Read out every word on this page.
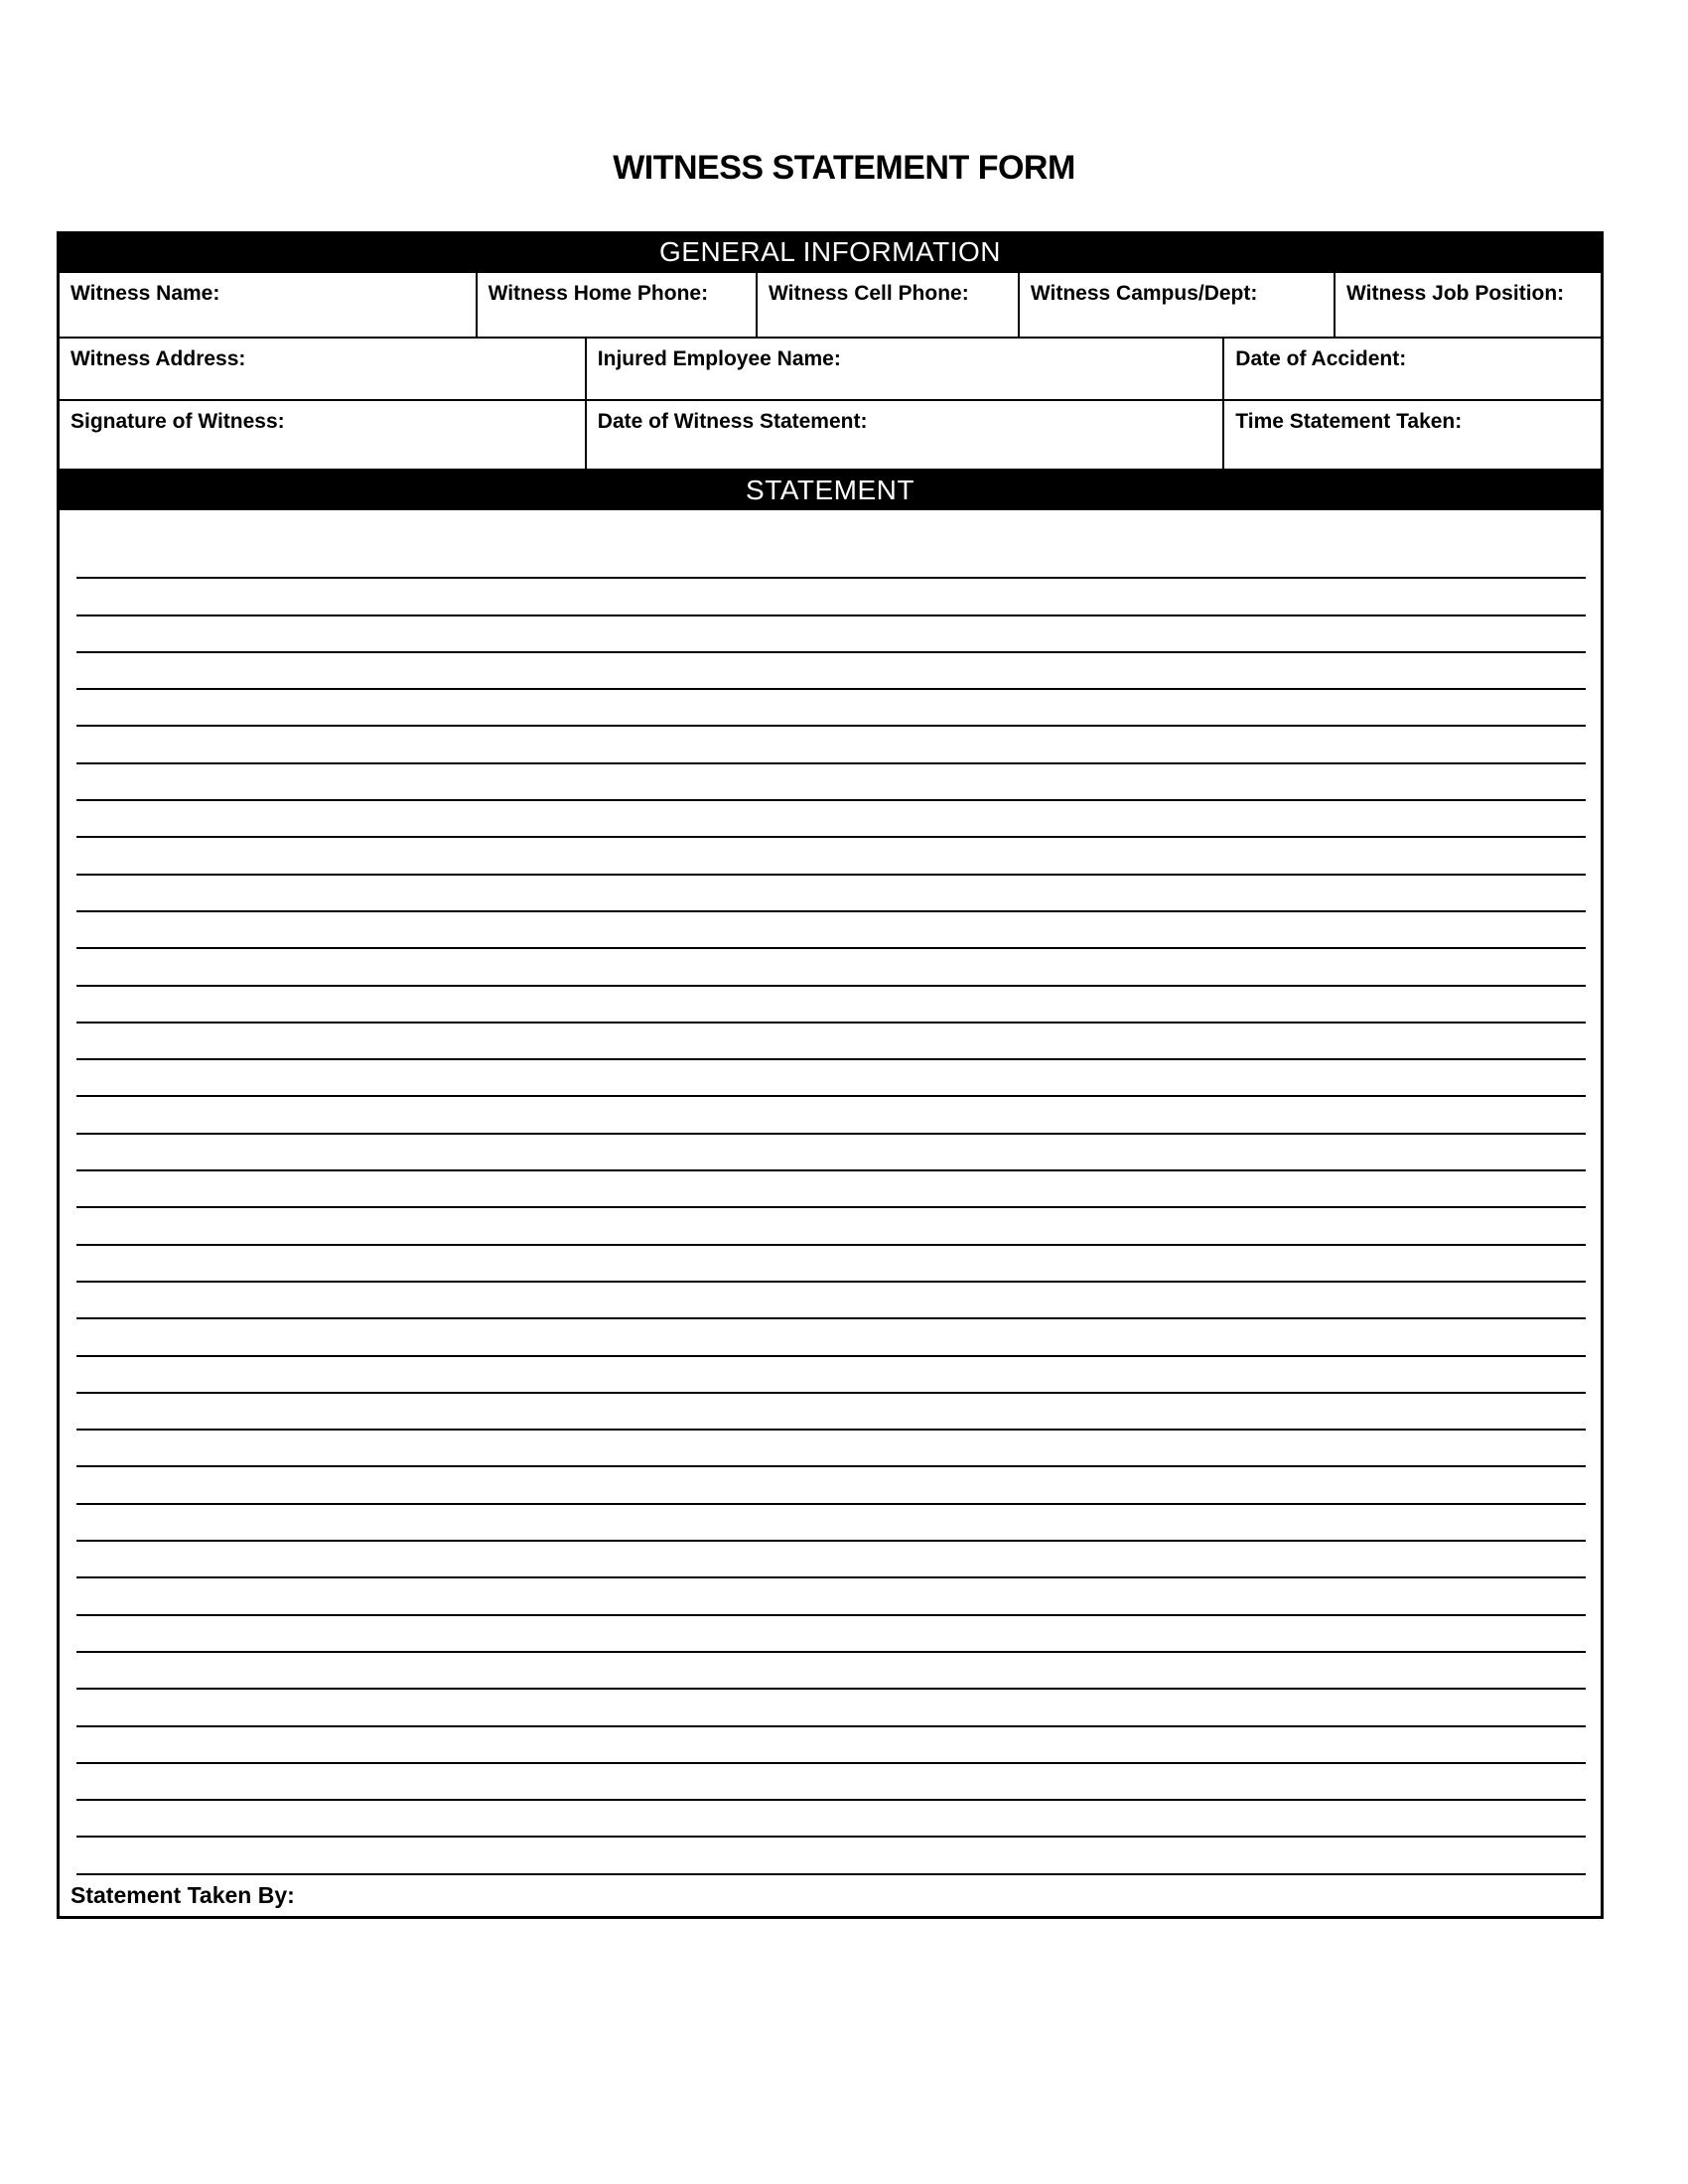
WITNESS STATEMENT FORM
GENERAL INFORMATION
Witness Name:	Witness Home Phone:	Witness Cell Phone:	Witness Campus/Dept:	Witness Job Position:
Witness Address:	Injured Employee Name:	Date of Accident:
Signature of Witness:	Date of Witness Statement:	Time Statement Taken:
STATEMENT
Statement Taken By:
